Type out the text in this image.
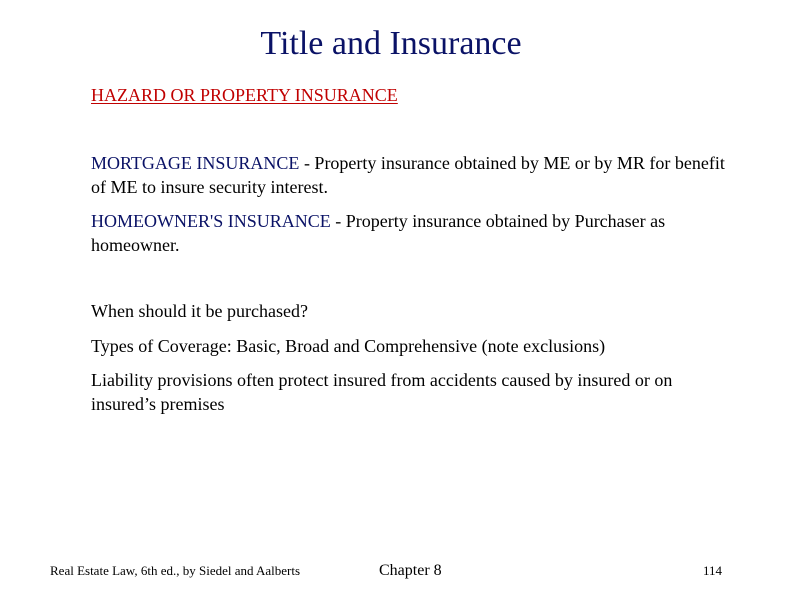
Title and Insurance
HAZARD OR PROPERTY INSURANCE

MORTGAGE INSURANCE - Property insurance obtained by ME or by MR for benefit of ME to insure security interest.

HOMEOWNER'S INSURANCE - Property insurance obtained by Purchaser as homeowner.

When should it be purchased?

Types of Coverage: Basic, Broad and Comprehensive (note exclusions)

Liability provisions often protect insured from accidents caused by insured or on insured’s premises

Real Estate Law, 6th ed., by Siedel and Aalberts	Chapter 8	114
